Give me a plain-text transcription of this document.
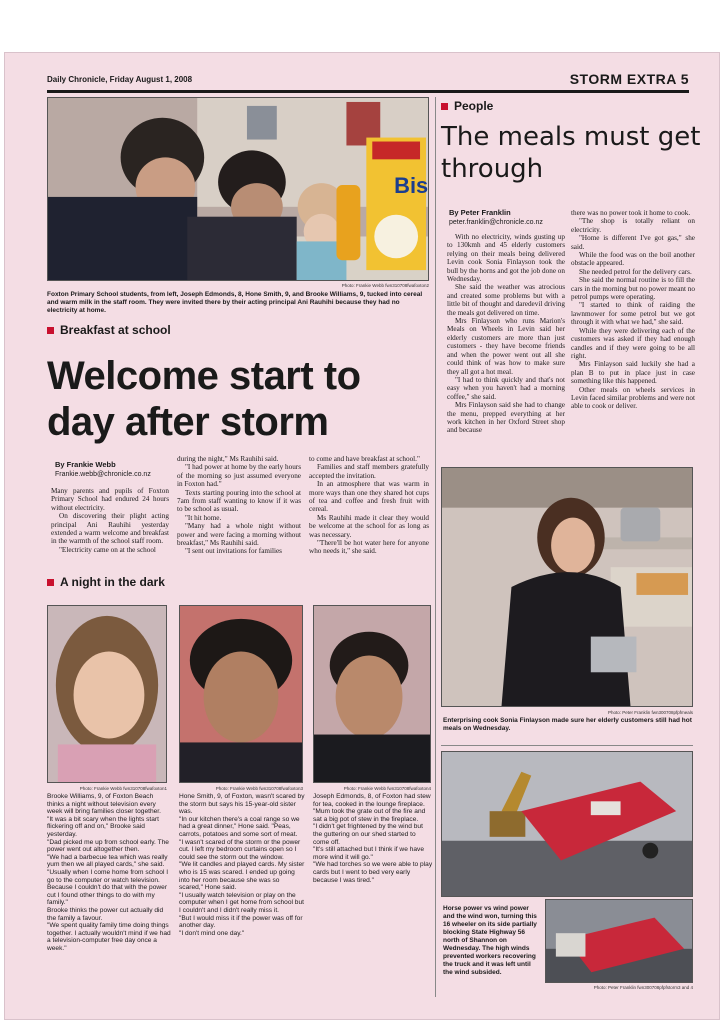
Daily Chronicle, Friday August 1, 2008	STORM EXTRA 5
Bis
Photo: Frankie Webb fwn310708fwafoxton2
Foxton Primary School students, from left, Joseph Edmonds, 8, Hone Smith, 9, and Brooke Williams, 9, tucked into cereal and warm milk in the staff room. They were invited there by their acting principal Ani Rauhihi because they had no electricity at home.
Breakfast at school
Welcome start to day after storm
By Frankie Webb
Frankie.webb@chronicle.co.nz

Many parents and pupils of Foxton Primary School had endured 24 hours without electricity.

On discovering their plight acting principal Ani Rauhihi yesterday extended a warm welcome and breakfast in the warmth of the school staff room.

"Electricity came on at the school

during the night," Ms Rauhihi said.

"I had power at home by the early hours of the morning so just assumed everyone in Foxton had."

Texts starting pouring into the school at 7am from staff wanting to know if it was to be school as usual.

"It hit home.

"Many had a whole night without power and were facing a morning without breakfast," Ms Rauhihi said.

"I sent out invitations for families

to come and have breakfast at school."

Families and staff members gratefully accepted the invitation.

In an atmosphere that was warm in more ways than one they shared hot cups of tea and coffee and fresh fruit with cereal.

Ms Rauhihi made it clear they would be welcome at the school for as long as was necessary.

"There'll be hot water here for anyone who needs it," she said.

A night in the dark
Photo: Frankie Webb fwn310708fwafoxton1	Photo: Frankie Webb fwn310708fwafoxton3	Photo: Frankie Webb fwn310708fwafoxton4

Brooke Williams, 9, of Foxton Beach thinks a night without television every week will bring families closer together.

"It was a bit scary when the lights start flickering off and on," Brooke said yesterday.

"Dad picked me up from school early. The power went out altogether then.

"We had a barbecue tea which was really yum then we all played cards," she said.

"Usually when I come home from school I go to the computer or watch television. Because I couldn't do that with the power cut I found other things to do with my family."

Brooke thinks the power cut actually did the family a favour.

"We spent quality family time doing things together. I actually wouldn't mind if we had a television-computer free day once a week."

Hone Smith, 9, of Foxton, wasn't scared by the storm but says his 15-year-old sister was.

"In our kitchen there's a coal range so we had a great dinner," Hone said. "Peas, carrots, potatoes and some sort of meat.

"I wasn't scared of the storm or the power cut. I left my bedroom curtains open so I could see the storm out the window.

"We lit candles and played cards. My sister who is 15 was scared. I ended up going into her room because she was so scared," Hone said.

"I usually watch television or play on the computer when I get home from school but I couldn't and I didn't really miss it.

"But I would miss it if the power was off for another day.

"I don't mind one day."

Joseph Edmonds, 8, of Foxton had stew for tea, cooked in the lounge fireplace.

"Mum took the grate out of the fire and sat a big pot of stew in the fireplace.

"I didn't get frightened by the wind but the guttering on our shed started to come off.

"It's still attached but I think if we have more wind it will go."

"We had torches so we were able to play cards but I went to bed very early because I was tired."

People
The meals must get through
By Peter Franklin
peter.franklin@chronicle.co.nz

With no electricity, winds gusting up to 130kmh and 45 elderly customers relying on their meals being delivered Levin cook Sonia Finlayson took the bull by the horns and got the job done on Wednesday.

She said the weather was atrocious and created some problems but with a little bit of thought and daredevil driving the meals got delivered on time.

Mrs Finlayson who runs Marion's Meals on Wheels in Levin said her elderly customers are more than just customers - they have become friends and when the power went out all she could think of was how to make sure they all got a hot meal.

"I had to think quickly and that's not easy when you haven't had a morning coffee," she said.

Mrs Finlayson said she had to change the menu, prepped everything at her work kitchen in her Oxford Street shop and because

there was no power took it home to cook.

"The shop is totally reliant on electricity.

"Home is different I've got gas," she said.

While the food was on the boil another obstacle appeared.

She needed petrol for the delivery cars.

She said the normal routine is to fill the cars in the morning but no power meant no petrol pumps were operating.

"I started to think of raiding the lawnmower for some petrol but we got through it with what we had," she said.

While they were delivering each of the customers was asked if they had enough candles and if they were going to be all right.

Mrs Finlayson said luckily she had a plan B to put in place just in case something like this happened.

Other meals on wheels services in Levin faced similar problems and were not able to cook or deliver.

Photo: Peter Franklin fwn300708pfpfmeals
Enterprising cook Sonia Finlayson made sure her elderly customers still had hot meals on Wednesday.
Horse power vs wind power and the wind won, turning this 16 wheeler on its side partially blocking State Highway 56 north of Shannon on Wednesday. The high winds prevented workers recovering the truck and it was left until the wind subsided.
Photo: Peter Franklin fwn300708pfpfstorm3 and 4
